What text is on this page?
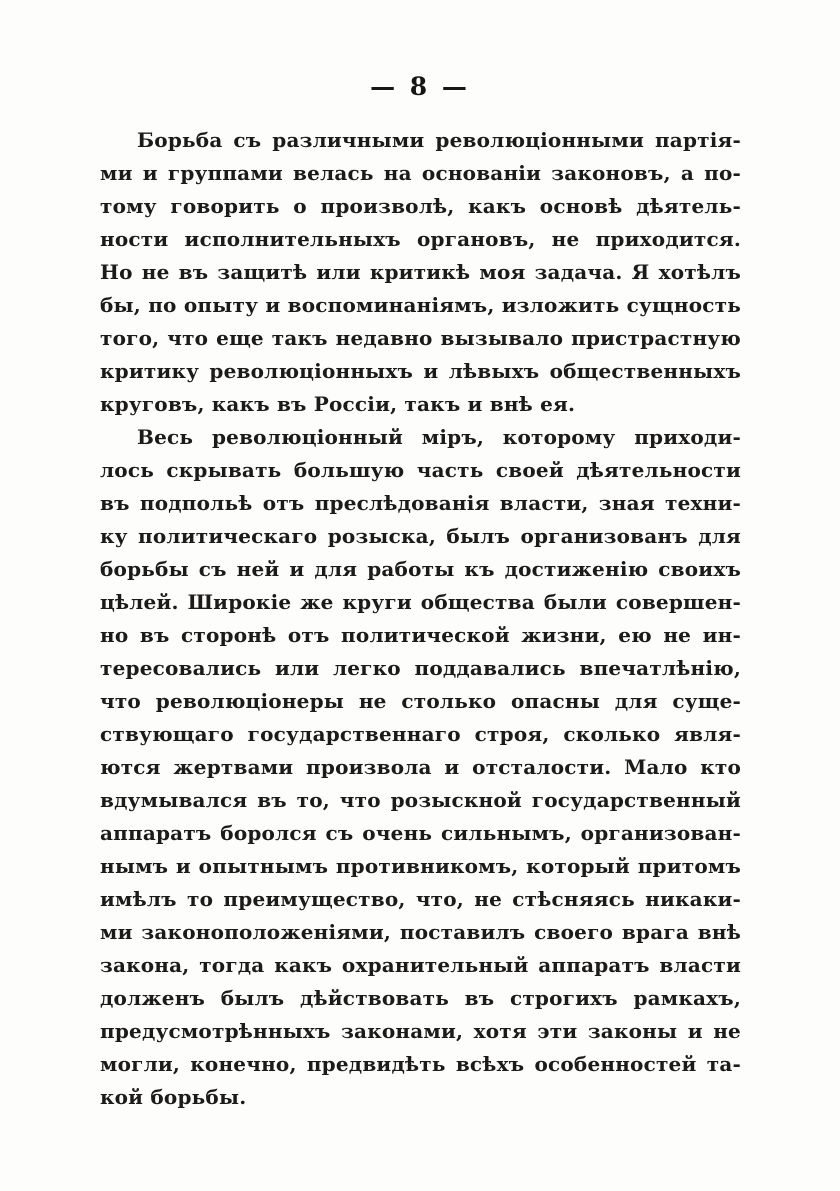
— 8 —
Борьба съ различными революціонными партія-
ми и группами велась на основаніи законовъ, а по-
тому говорить о произволѣ, какъ основѣ дѣятель-
ности исполнительныхъ органовъ, не приходится.
Но не въ защитѣ или критикѣ моя задача. Я хотѣлъ
бы, по опыту и воспоминаніямъ, изложить сущность
того, что еще такъ недавно вызывало пристрастную
критику революціонныхъ и лѣвыхъ общественныхъ
круговъ, какъ въ Россіи, такъ и внѣ ея.
Весь революціонный міръ, которому приходи-
лось скрывать большую часть своей дѣятельности
въ подпольѣ отъ преслѣдованія власти, зная техни-
ку политическаго розыска, былъ организованъ для
борьбы съ ней и для работы къ достиженію своихъ
цѣлей. Широкіе же круги общества были совершен-
но въ сторонѣ отъ политической жизни, ею не ин-
тересовались или легко поддавались впечатлѣнію,
что революціонеры не столько опасны для суще-
ствующаго государственнаго строя, сколько явля-
ются жертвами произвола и отсталости. Мало кто
вдумывался въ то, что розыскной государственный
аппаратъ боролся съ очень сильнымъ, организован-
нымъ и опытнымъ противникомъ, который притомъ
имѣлъ то преимущество, что, не стѣсняясь никаки-
ми законоположеніями, поставилъ своего врага внѣ
закона, тогда какъ охранительный аппаратъ власти
долженъ былъ дѣйствовать въ строгихъ рамкахъ,
предусмотрѣнныхъ законами, хотя эти законы и не
могли, конечно, предвидѣть всѣхъ особенностей та-
кой борьбы.
